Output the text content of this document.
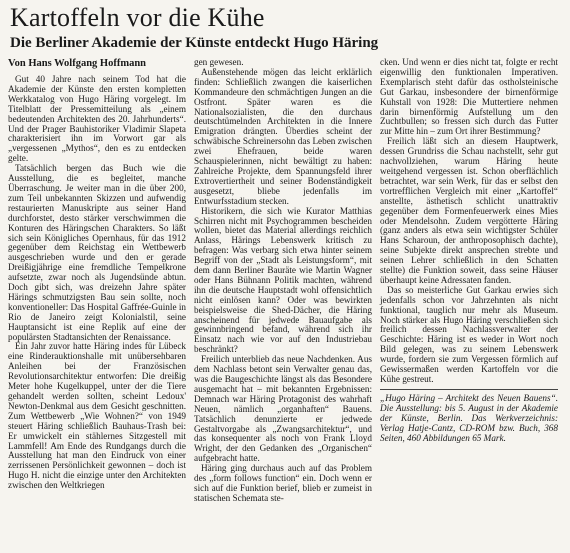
Kartoffeln vor die Kühe
Die Berliner Akademie der Künste entdeckt Hugo Häring

Von Hans Wolfgang Hoffmann

Gut 40 Jahre nach seinem Tod hat die Akademie der Künste den ersten kompletten Werkkatalog von Hugo Häring vorgelegt. Im Titelblatt der Pressemitteilung als „einem bedeutenden Architekten des 20. Jahrhunderts“. Und der Prager Bauhistoriker Vladimir Slapeta charakterisiert ihn im Vorwort gar als „vergessenen „Mythos“, den es zu entdecken gelte.

Tatsächlich bergen das Buch wie die Ausstellung, die es begleitet, manche Überraschung. Je weiter man in die über 200, zum Teil unbekannten Skizzen und aufwendig restaurierten Manuskripte aus seiner Hand durchforstet, desto stärker verschwimmen die Konturen des Häringschen Charakters. So läßt sich sein Königliches Opernhaus, für das 1912 gegenüber dem Reichstag ein Wettbewerb ausgeschrieben wurde und den er gerade Dreißigjährige eine fremdliche Tempelkrone aufsetzte, zwar noch als Jugendsünde abtun. Doch gibt sich, was dreizehn Jahre später Härings schmutzigsten Bau sein sollte, noch konventioneller: Das Hospital Gaffrée-Guinle in Rio de Janeiro zeigt Kolonialstil, seine Hauptansicht ist eine Replik auf eine der populärsten Stadtansichten der Renaissance.

Ein Jahr zuvor hatte Häring indes für Lübeck eine Rinderauktionshalle mit unübersehbaren Anleihen bei der Französischen Revolutionsarchitektur entworfen: Die dreißig Meter hohe Kugelkuppel, unter der die Tiere gehandelt werden sollten, scheint Ledoux' Newton-Denkmal aus dem Gesicht geschnitten. Zum Wettbewerb „Wie Wohnen?“ von 1949 steuert Häring schließlich Bauhaus-Trash bei: Er umwickelt ein stählernes Sitzgestell mit Lammfell! Am Ende des Rundgangs durch die Ausstellung hat man den Eindruck von einer zerrissenen Persönlichkeit gewonnen – doch ist Hugo H. nicht die einzige unter den Architekten zwischen den Weltkriegen

gen gewesen.

Außenstehende mögen das leicht erklärlich finden: Schließlich zwangen die kaiserlichen Kommandeure den schmächtigen Jungen an die Ostfront. Später waren es die Nationalsozialisten, die den durchaus deutschtümelnden Architekten in die Innere Emigration drängten. Überdies scheint der schwäbische Schreinersohn das Leben zwischen zwei Ehefrauen, beide waren Schauspielerinnen, nicht bewältigt zu haben: Zahlreiche Projekte, dem Spannungsfeld ihrer Extrovertiertheit und seiner Bodenständigkeit ausgesetzt, bliebe jedenfalls im Entwurfsstadium stecken.

Historikern, die sich wie Kurator Matthias Schirren nicht mit Psychogrammen bescheiden wollen, bietet das Material allerdings reichlich Anlass, Härings Lebenswerk kritisch zu befragen: Was verbarg sich etwa hinter seinem Begriff von der „Stadt als Leistungsform“, mit dem dann Berliner Bauräte wie Martin Wagner oder Hans Bühnann Politik machten, während ihn die deutsche Hauptstadt wohl offensichtlich nicht einlösen kann? Oder was bewirkten beispielsweise die Shed-Dächer, die Häring anscheinend für jedwede Bauaufgabe als gewinnbringend befand, während sich ihr Einsatz nach wie vor auf den Industriebau beschränkt?

Freilich unterblieb das neue Nachdenken. Aus dem Nachlass betont sein Verwalter genau das, was die Baugeschichte längst als das Besondere ausgemacht hat – mit bekannten Ergebnissen: Demnach war Häring Protagonist des wahrhaft Neuen, nämlich „organhaften“ Bauens. Tatsächlich denunzierte er jedwede Gestaltvorgabe als „Zwangsarchitektur“, und das konsequenter als noch von Frank Lloyd Wright, der den Gedanken des „Organischen“ aufgebracht hatte.

Häring ging durchaus auch auf das Problem des „form follows function“ ein. Doch wenn er sich auf die Funktion berief, blieb er zumeist in statischen Schemata ste-

cken. Und wenn er dies nicht tat, folgte er recht eigenwillig den funktionalen Imperativen. Exemplarisch steht dafür das ostholsteinische Gut Garkau, insbesondere der birnenförmige Kuhstall von 1928: Die Muttertiere nehmen darin birnenförmig Aufstellung um den Zuchtbullen; so fressen sich durch das Futter zur Mitte hin – zum Ort ihrer Bestimmung?

Freilich läßt sich an diesem Hauptwerk, dessen Grundriss die Schau nachstellt, sehr gut nachvollziehen, warum Häring heute weitgehend vergessen ist. Schon oberflächlich betrachtet, war sein Werk, für das er selbst den vortrefflichen Vergleich mit einer „Kartoffel“ anstellte, ästhetisch schlicht unattraktiv gegenüber dem Formenfeuerwerk eines Mies oder Mendelsohn. Zudem vergötterte Häring (ganz anders als etwa sein wichtigster Schüler Hans Scharoun, der anthroposophisch dachte), seine Subjekte direkt ansprechen strebte und seinen Lehrer schließlich in den Schatten stellte) die Funktion soweit, dass seine Häuser überhaupt keine Adressaten fanden.

Das so meisterliche Gut Garkau erwies sich jedenfalls schon vor Jahrzehnten als nicht funktional, tauglich nur mehr als Museum. Noch stärker als Hugo Häring verschließen sich freilich dessen Nachlassverwalter der Geschichte: Häring ist es weder in Wort noch Bild gelegen, was zu seinem Lebenswerk wurde, fordern sie zum Vergessen förmlich auf Gewissermaßen werden Kartoffeln vor die Kühe gestreut.

„Hugo Häring – Architekt des Neuen Bauens“. Die Ausstellung: bis 5. August in der Akademie der Künste, Berlin. Das Werkverzeichnis: Verlag Hatje-Cantz, CD-ROM bzw. Buch, 368 Seiten, 460 Abbildungen 65 Mark.
